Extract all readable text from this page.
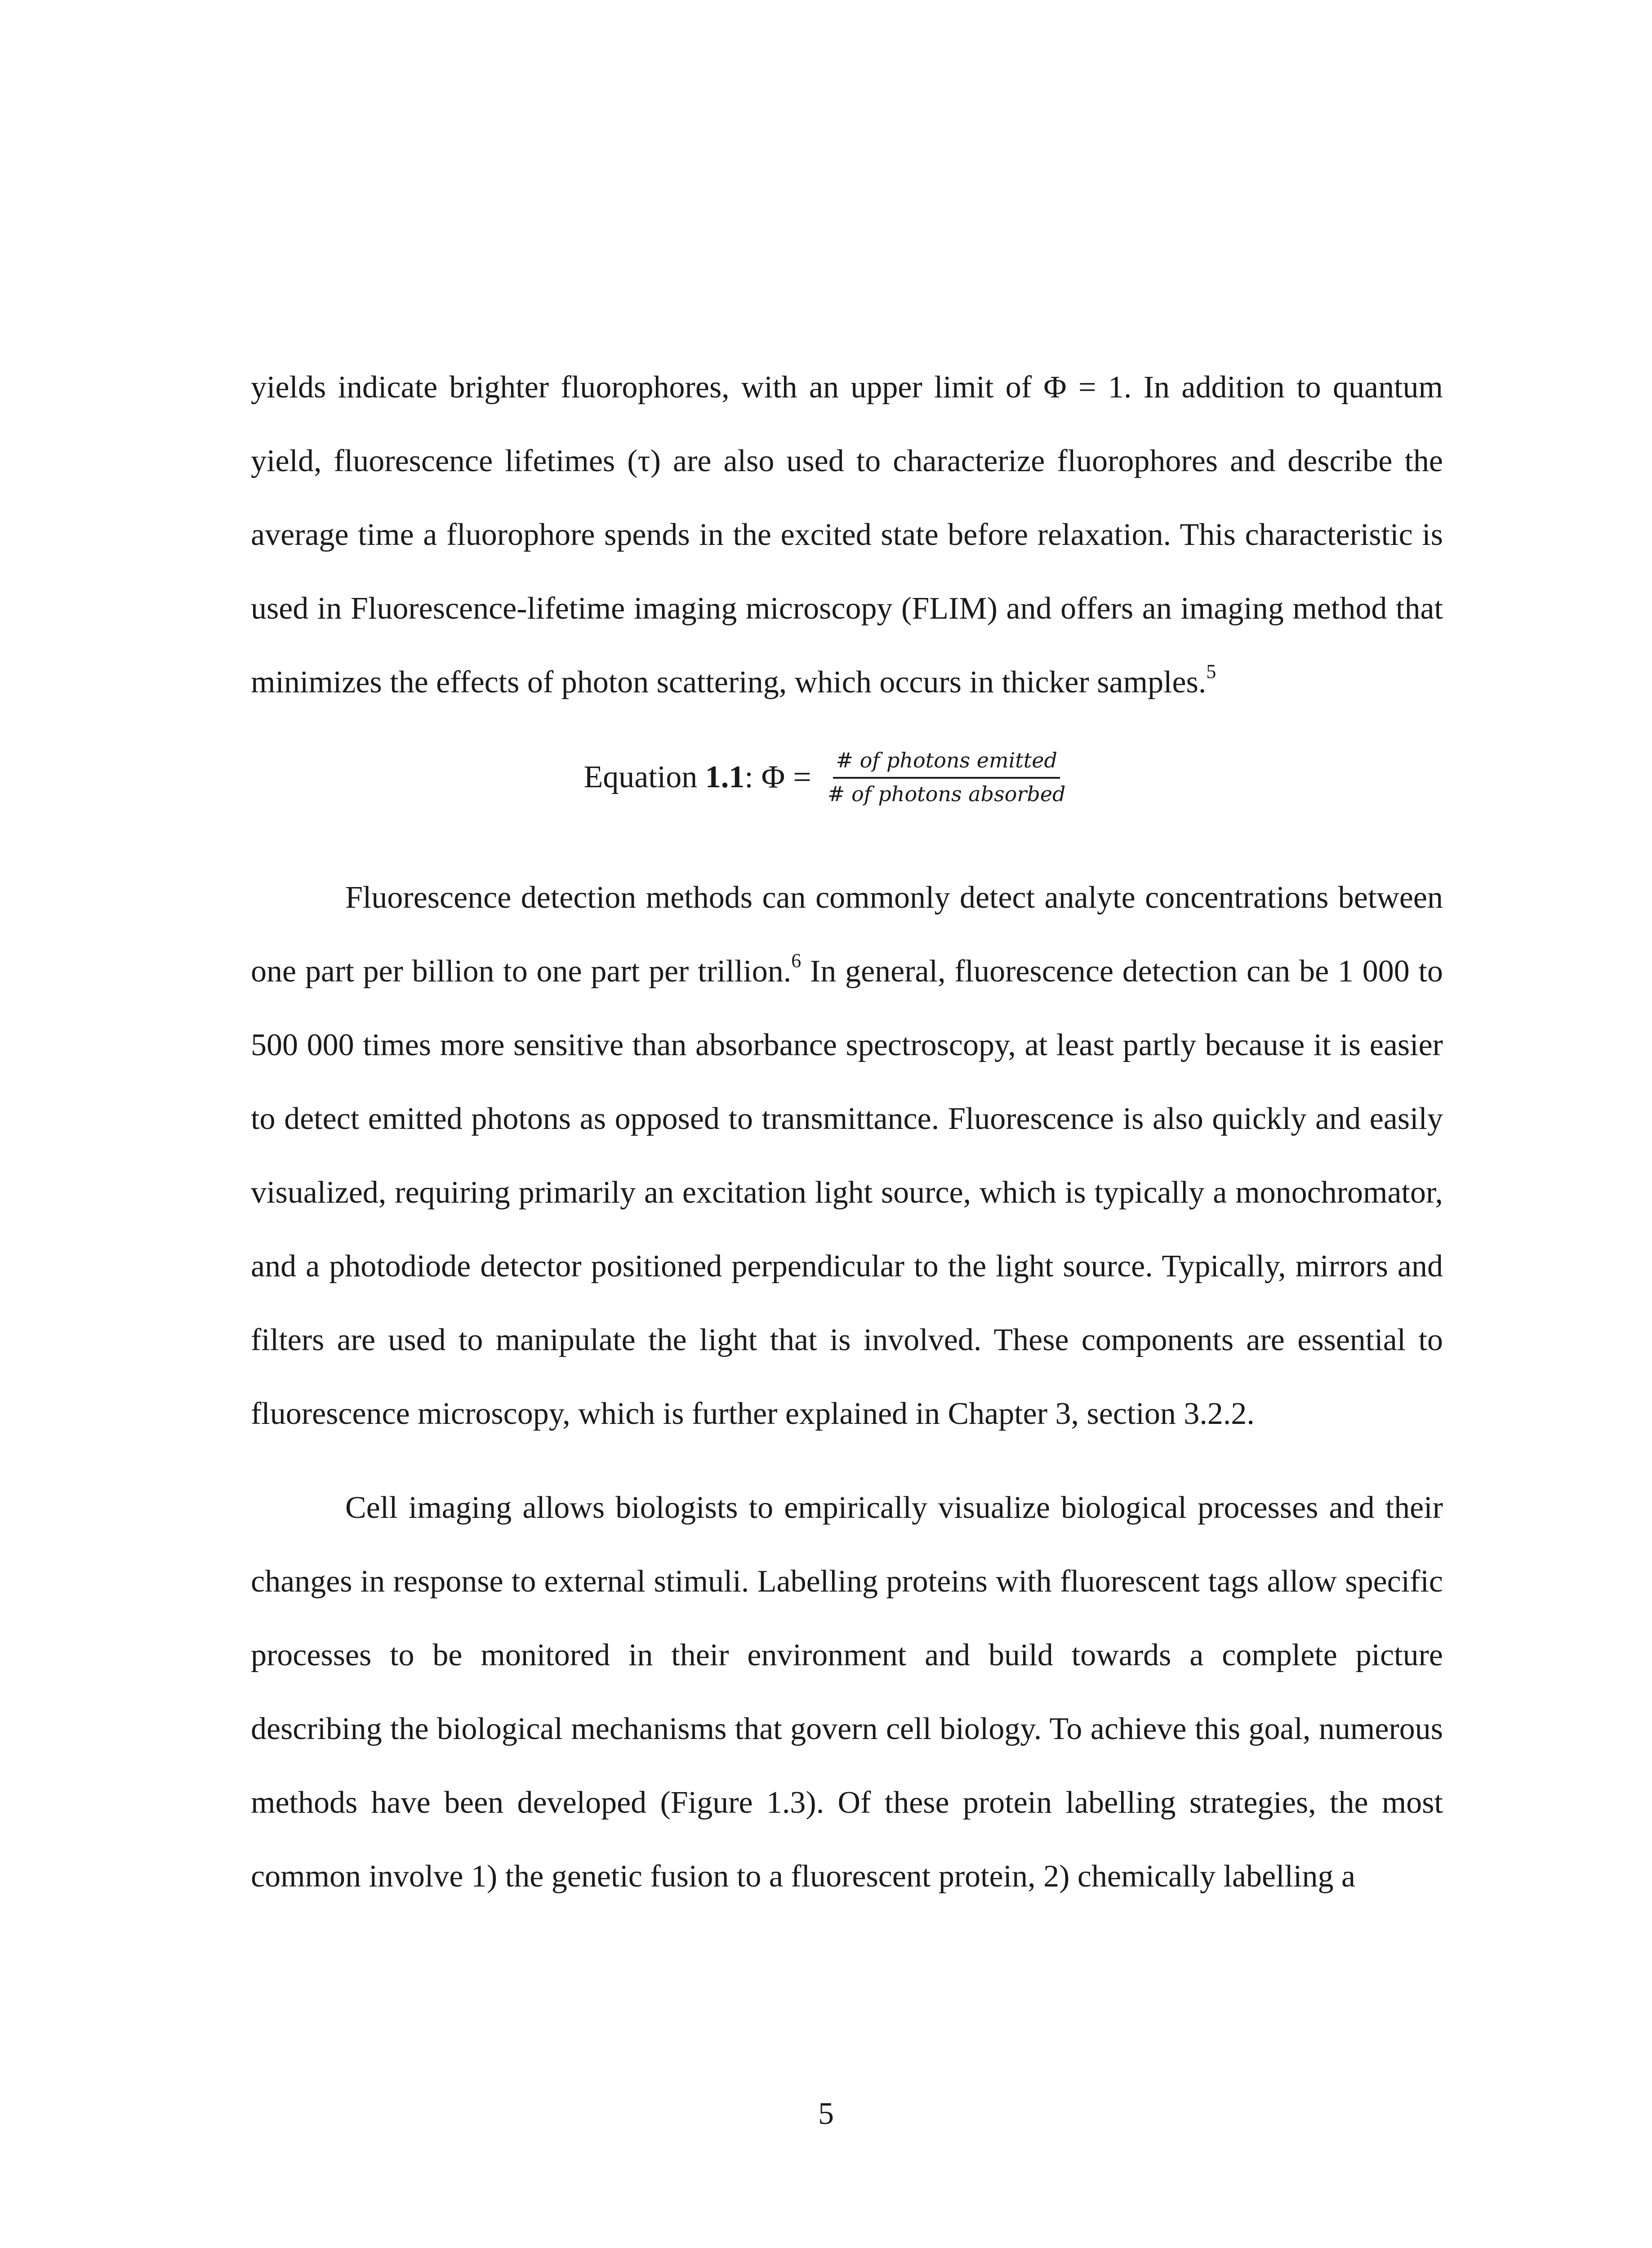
yields indicate brighter fluorophores, with an upper limit of Φ = 1. In addition to quantum yield, fluorescence lifetimes (τ) are also used to characterize fluorophores and describe the average time a fluorophore spends in the excited state before relaxation. This characteristic is used in Fluorescence-lifetime imaging microscopy (FLIM) and offers an imaging method that minimizes the effects of photon scattering, which occurs in thicker samples.$^5$

Equation 1.1: $\Phi = \frac{\text{\# of photons emitted}}{\text{\# of photons absorbed}}$

Fluorescence detection methods can commonly detect analyte concentrations between one part per billion to one part per trillion.$^6$ In general, fluorescence detection can be 1 000 to 500 000 times more sensitive than absorbance spectroscopy, at least partly because it is easier to detect emitted photons as opposed to transmittance. Fluorescence is also quickly and easily visualized, requiring primarily an excitation light source, which is typically a monochromator, and a photodiode detector positioned perpendicular to the light source. Typically, mirrors and filters are used to manipulate the light that is involved. These components are essential to fluorescence microscopy, which is further explained in Chapter 3, section 3.2.2.

Cell imaging allows biologists to empirically visualize biological processes and their changes in response to external stimuli. Labelling proteins with fluorescent tags allow specific processes to be monitored in their environment and build towards a complete picture describing the biological mechanisms that govern cell biology. To achieve this goal, numerous methods have been developed (Figure 1.3). Of these protein labelling strategies, the most common involve 1) the genetic fusion to a fluorescent protein, 2) chemically labelling a

5
